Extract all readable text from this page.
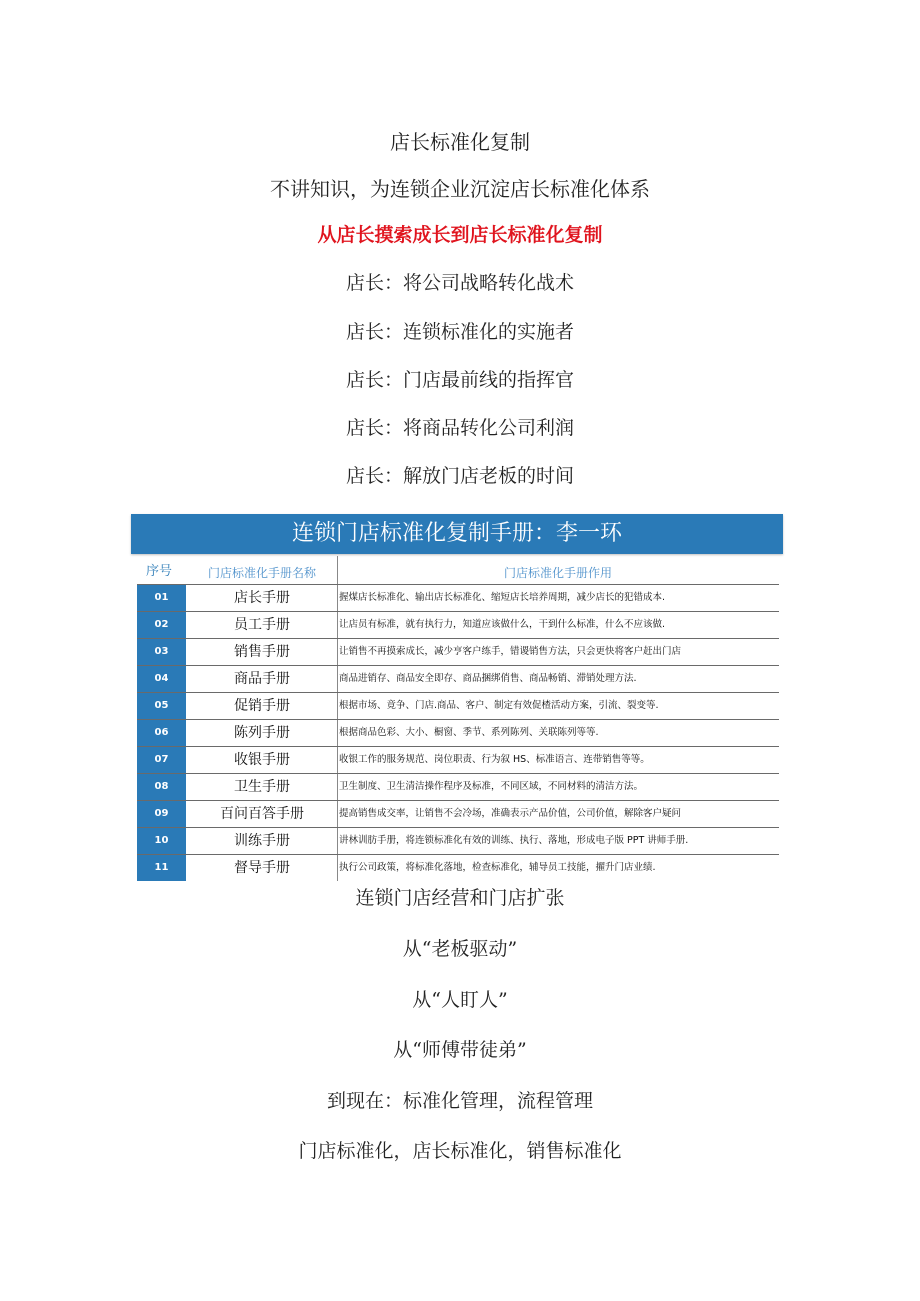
店长标准化复制
不讲知识，为连锁企业沉淀店长标准化体系
从店长摸索成长到店长标准化复制
店长：将公司战略转化战术
店长：连锁标准化的实施者
店长：门店最前线的指挥官
店长：将商品转化公司利润
店长：解放门店老板的时间
连锁门店标准化复制手册：李一环
序号	门店标准化手册名称	门店标准化手册作用
01	店长手册	握煤店长标准化、输出店长标准化、缩短店长培养周期，减少店长的犯错成本.
02	员工手册	让店员有标准，就有执行力，知道应该做什么，干到什么标准，什么不应该做.
03	销售手册	让销售不再摸索成长，减少亨客户练手，错谡销售方法，只会更快将客户赶出门店
04	商品手册	商品进销存、商品安全即存、商品捆绑俏售、商品畅销、滞销处理方法.
05	促销手册	根据市场、竟争、门店.商品、客户、制定有效促楂活动方案，引流、裂变等.
06	陈列手册	根据商品色彩、大小、橱窗、季节、系列陈列、关联陈列等等.
07	收银手册	收银工作的服务规范、岗位职责、行为叙 HS、标准语言、连带销售等等。
08	卫生手册	卫生制度、卫生清洁操作程序及标准，不同区域，不同材料的清洁方法。
09	百问百答手册	提高销售成交率，让销售不会冷场，准确表示产品价值，公司价值，解除客户疑问
10	训练手册	讲林训肪手册，将连锁标准化有效的训练、执行、落地，形成电子版 PPT 讲师手册.
11	督导手册	执行公司政策，将标准化落地，检查标准化，辅导员工技能，擢升门店业绩.
连锁门店经营和门店扩张
从“老板驱动”
从“人盯人”
从“师傅带徒弟”
到现在：标准化管理，流程管理
门店标准化，店长标准化，销售标准化
